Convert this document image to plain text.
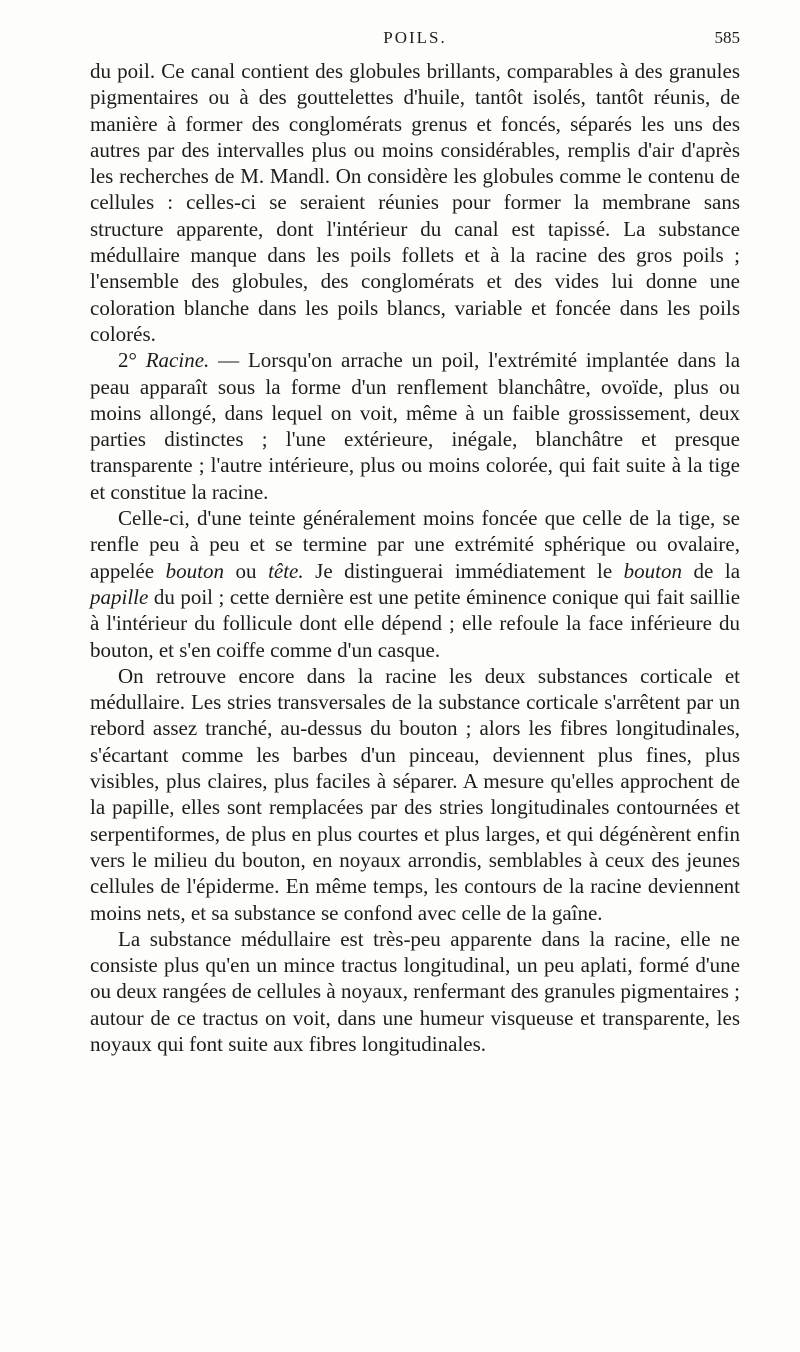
POILS.	585

du poil. Ce canal contient des globules brillants, comparables à des granules pigmentaires ou à des gouttelettes d'huile, tantôt isolés, tantôt réunis, de manière à former des conglomérats grenus et foncés, séparés les uns des autres par des intervalles plus ou moins considérables, remplis d'air d'après les recherches de M. Mandl. On considère les globules comme le contenu de cellules : celles-ci se seraient réunies pour former la membrane sans structure apparente, dont l'intérieur du canal est tapissé. La substance médullaire manque dans les poils follets et à la racine des gros poils ; l'ensemble des globules, des conglomérats et des vides lui donne une coloration blanche dans les poils blancs, variable et foncée dans les poils colorés.

2° Racine. — Lorsqu'on arrache un poil, l'extrémité implantée dans la peau apparaît sous la forme d'un renflement blanchâtre, ovoïde, plus ou moins allongé, dans lequel on voit, même à un faible grossissement, deux parties distinctes ; l'une extérieure, inégale, blanchâtre et presque transparente ; l'autre intérieure, plus ou moins colorée, qui fait suite à la tige et constitue la racine.

Celle-ci, d'une teinte généralement moins foncée que celle de la tige, se renfle peu à peu et se termine par une extrémité sphérique ou ovalaire, appelée bouton ou tête. Je distinguerai immédiatement le bouton de la papille du poil ; cette dernière est une petite éminence conique qui fait saillie à l'intérieur du follicule dont elle dépend ; elle refoule la face inférieure du bouton, et s'en coiffe comme d'un casque.

On retrouve encore dans la racine les deux substances corticale et médullaire. Les stries transversales de la substance corticale s'arrêtent par un rebord assez tranché, au-dessus du bouton ; alors les fibres longitudinales, s'écartant comme les barbes d'un pinceau, deviennent plus fines, plus visibles, plus claires, plus faciles à séparer. A mesure qu'elles approchent de la papille, elles sont remplacées par des stries longitudinales contournées et serpentiformes, de plus en plus courtes et plus larges, et qui dégénèrent enfin vers le milieu du bouton, en noyaux arrondis, semblables à ceux des jeunes cellules de l'épiderme. En même temps, les contours de la racine deviennent moins nets, et sa substance se confond avec celle de la gaîne.

La substance médullaire est très-peu apparente dans la racine, elle ne consiste plus qu'en un mince tractus longitudinal, un peu aplati, formé d'une ou deux rangées de cellules à noyaux, renfermant des granules pigmentaires ; autour de ce tractus on voit, dans une humeur visqueuse et transparente, les noyaux qui font suite aux fibres longitudinales.
